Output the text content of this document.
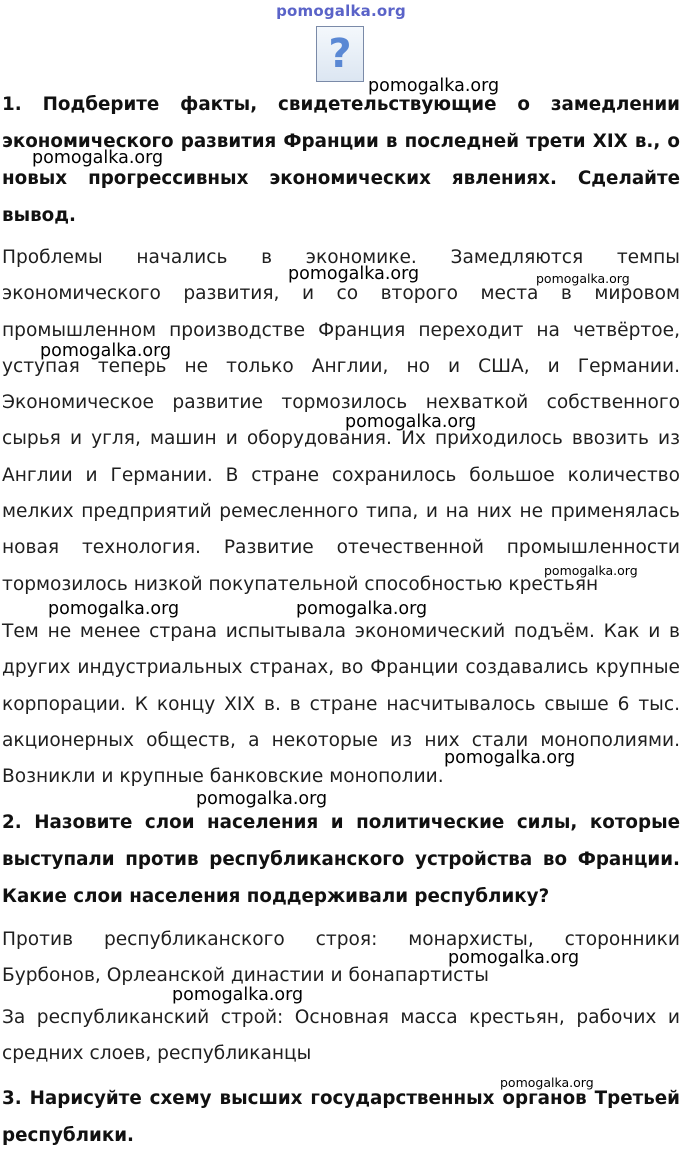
pomogalka.org
?

1. Подберите факты, свидетельствующие о замедлении экономического развития Франции в последней трети XIX в., о новых прогрессивных экономических явлениях. Сделайте вывод.

Проблемы начались в экономике. Замедляются темпы экономического развития, и со второго места в мировом промышленном производстве Франция переходит на четвёртое, уступая теперь не только Англии, но и США, и Германии. Экономическое развитие тормозилось нехваткой собственного сырья и угля, машин и оборудования. Их приходилось ввозить из Англии и Германии. В стране сохранилось большое количество мелких предприятий ремесленного типа, и на них не применялась новая технология. Развитие отечественной промышленности тормозилось низкой покупательной способностью крестьян

Тем не менее страна испытывала экономический подъём. Как и в других индустриальных странах, во Франции создавались крупные корпорации. К концу XIX в. в стране насчитывалось свыше 6 тыс. акционерных обществ, а некоторые из них стали монополиями. Возникли и крупные банковские монополии.

2. Назовите слои населения и политические силы, которые выступали против республиканского устройства во Франции. Какие слои населения поддерживали республику?

Против республиканского строя: монархисты, сторонники Бурбонов, Орлеанской династии и бонапартисты

За республиканский строй: Основная масса крестьян, рабочих и средних слоев, республиканцы

3. Нарисуйте схему высших государственных органов Третьей республики.

pomogalka.org
pomogalka.org
pomogalka.org	pomogalka.org
pomogalka.org
pomogalka.org
pomogalka.org
pomogalka.org	pomogalka.org
pomogalka.org
pomogalka.org
pomogalka.org
pomogalka.org
pomogalka.org
